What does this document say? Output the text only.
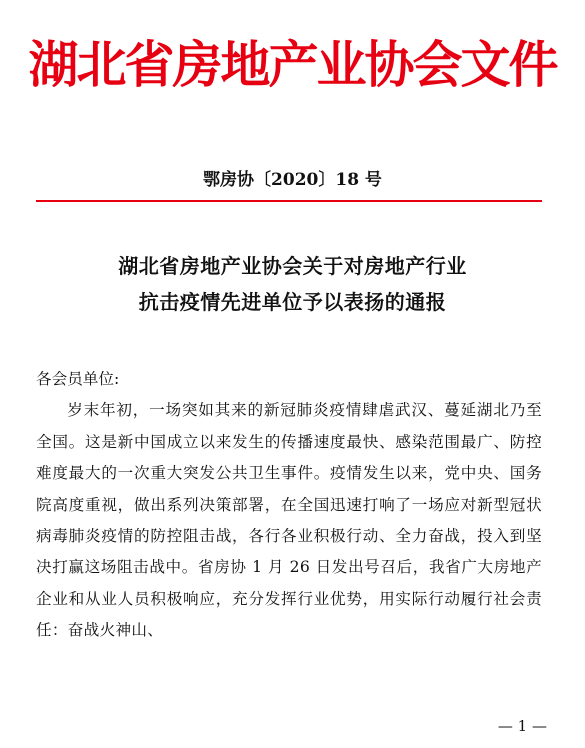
湖北省房地产业协会文件
鄂房协〔2020〕18 号
湖北省房地产业协会关于对房地产行业
抗击疫情先进单位予以表扬的通报
各会员单位:
岁末年初，一场突如其来的新冠肺炎疫情肆虐武汉、蔓延湖北乃至全国。这是新中国成立以来发生的传播速度最快、感染范围最广、防控难度最大的一次重大突发公共卫生事件。疫情发生以来，党中央、国务院高度重视，做出系列决策部署，在全国迅速打响了一场应对新型冠状病毒肺炎疫情的防控阻击战，各行各业积极行动、全力奋战，投入到坚决打赢这场阻击战中。省房协 1 月 26 日发出号召后，我省广大房地产企业和从业人员积极响应，充分发挥行业优势，用实际行动履行社会责任：奋战火神山、
— 1 —
